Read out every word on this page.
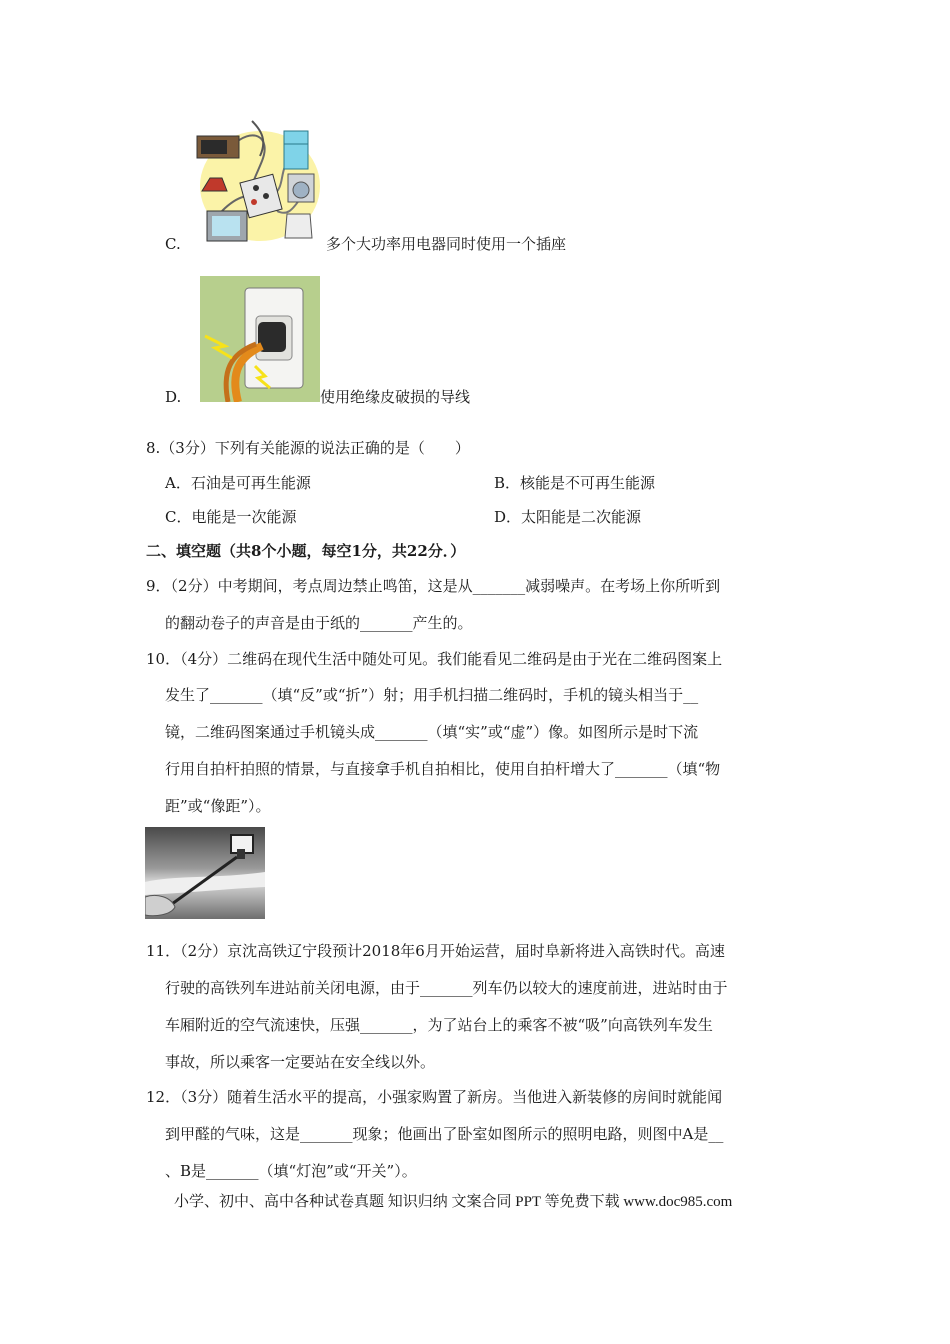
C.	多个大功率用电器同时使用一个插座
D.	使用绝缘皮破损的导线
8.（3分）下列有关能源的说法正确的是（　　）
A．石油是可再生能源	B．核能是不可再生能源
C．电能是一次能源	D．太阳能是二次能源
二、填空题（共8个小题，每空1分，共22分．）
9．（2分）中考期间，考点周边禁止鸣笛，这是从_______减弱噪声。在考场上你所听到
的翻动卷子的声音是由于纸的_______产生的。
10．（4分）二维码在现代生活中随处可见。我们能看见二维码是由于光在二维码图案上
发生了_______（填“反”或“折”）射；用手机扫描二维码时，手机的镜头相当于__
镜，二维码图案通过手机镜头成_______（填“实”或“虚”）像。如图所示是时下流
行用自拍杆拍照的情景，与直接拿手机自拍相比，使用自拍杆增大了_______（填“物
距”或“像距”）。
11．（2分）京沈高铁辽宁段预计2018年6月开始运营，届时阜新将进入高铁时代。高速
行驶的高铁列车进站前关闭电源，由于_______列车仍以较大的速度前进，进站时由于
车厢附近的空气流速快，压强_______，为了站台上的乘客不被“吸”向高铁列车发生
事故，所以乘客一定要站在安全线以外。
12．（3分）随着生活水平的提高，小强家购置了新房。当他进入新装修的房间时就能闻
到甲醛的气味，这是_______现象；他画出了卧室如图所示的照明电路，则图中A是__
、B是_______（填“灯泡”或“开关”）。
小学、初中、高中各种试卷真题 知识归纳 文案合同 PPT 等免费下载 www.doc985.com
